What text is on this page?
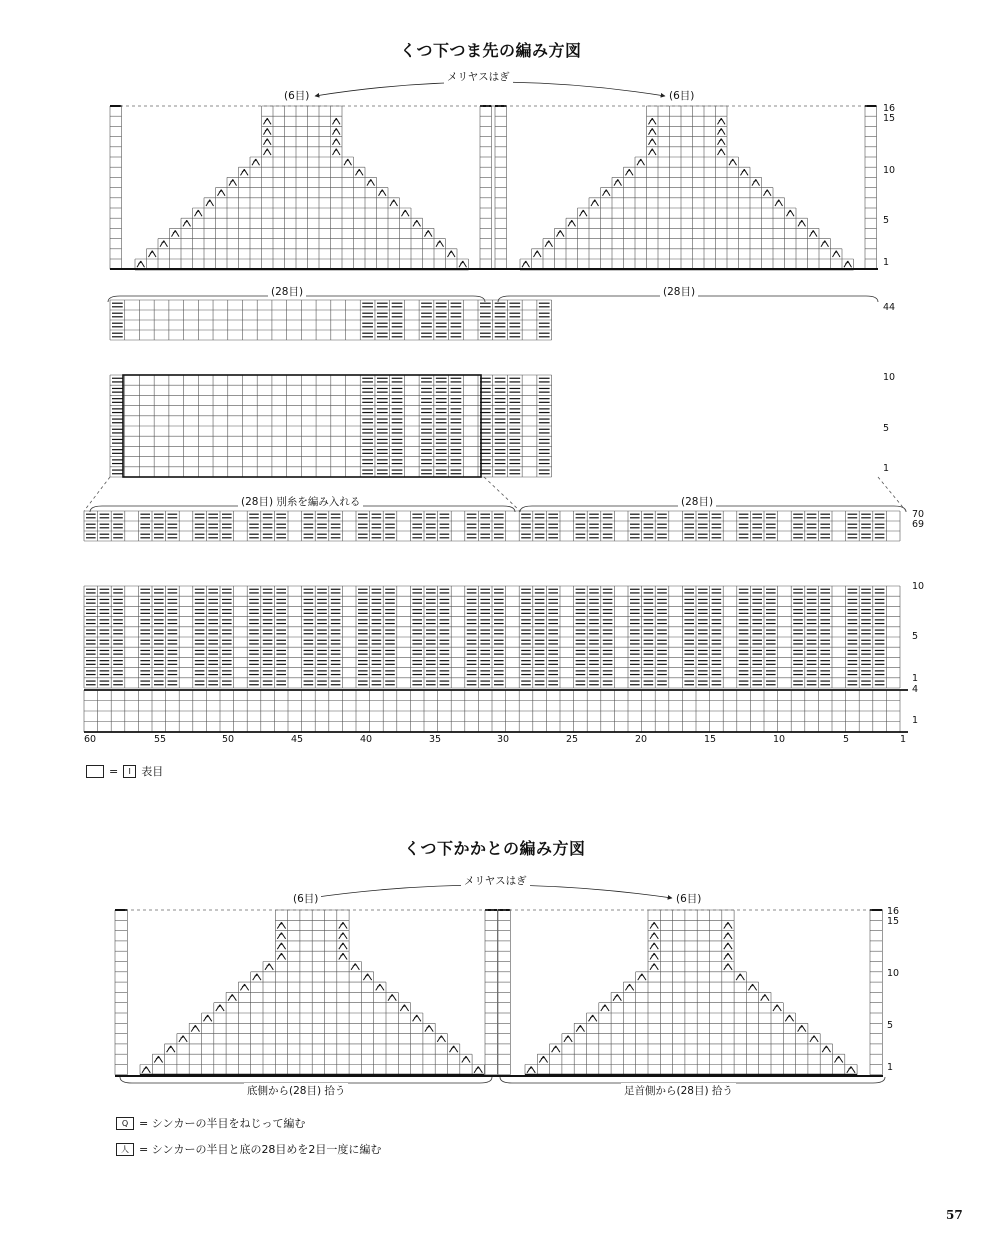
くつ下つま先の編み方図
くつ下かかとの編み方図
メリヤスはぎ
(6目)	(6目)
(28目)	(28目)
(28目) 別糸を編み入れる	(28目)
16
15
10
5
1
44
10
5
1
70
69
10
5
1
4
1
60	55	50	45	40	35	30	25	20	15	10	5	1
=	I 表目
メリヤスはぎ
(6目)	(6目)
底側から(28目) 拾う	足首側から(28目) 拾う
16
15
10
5
1
Q = シンカーの半目をねじって編む
人 = シンカーの半目と底の28目めを2目一度に編む
57
